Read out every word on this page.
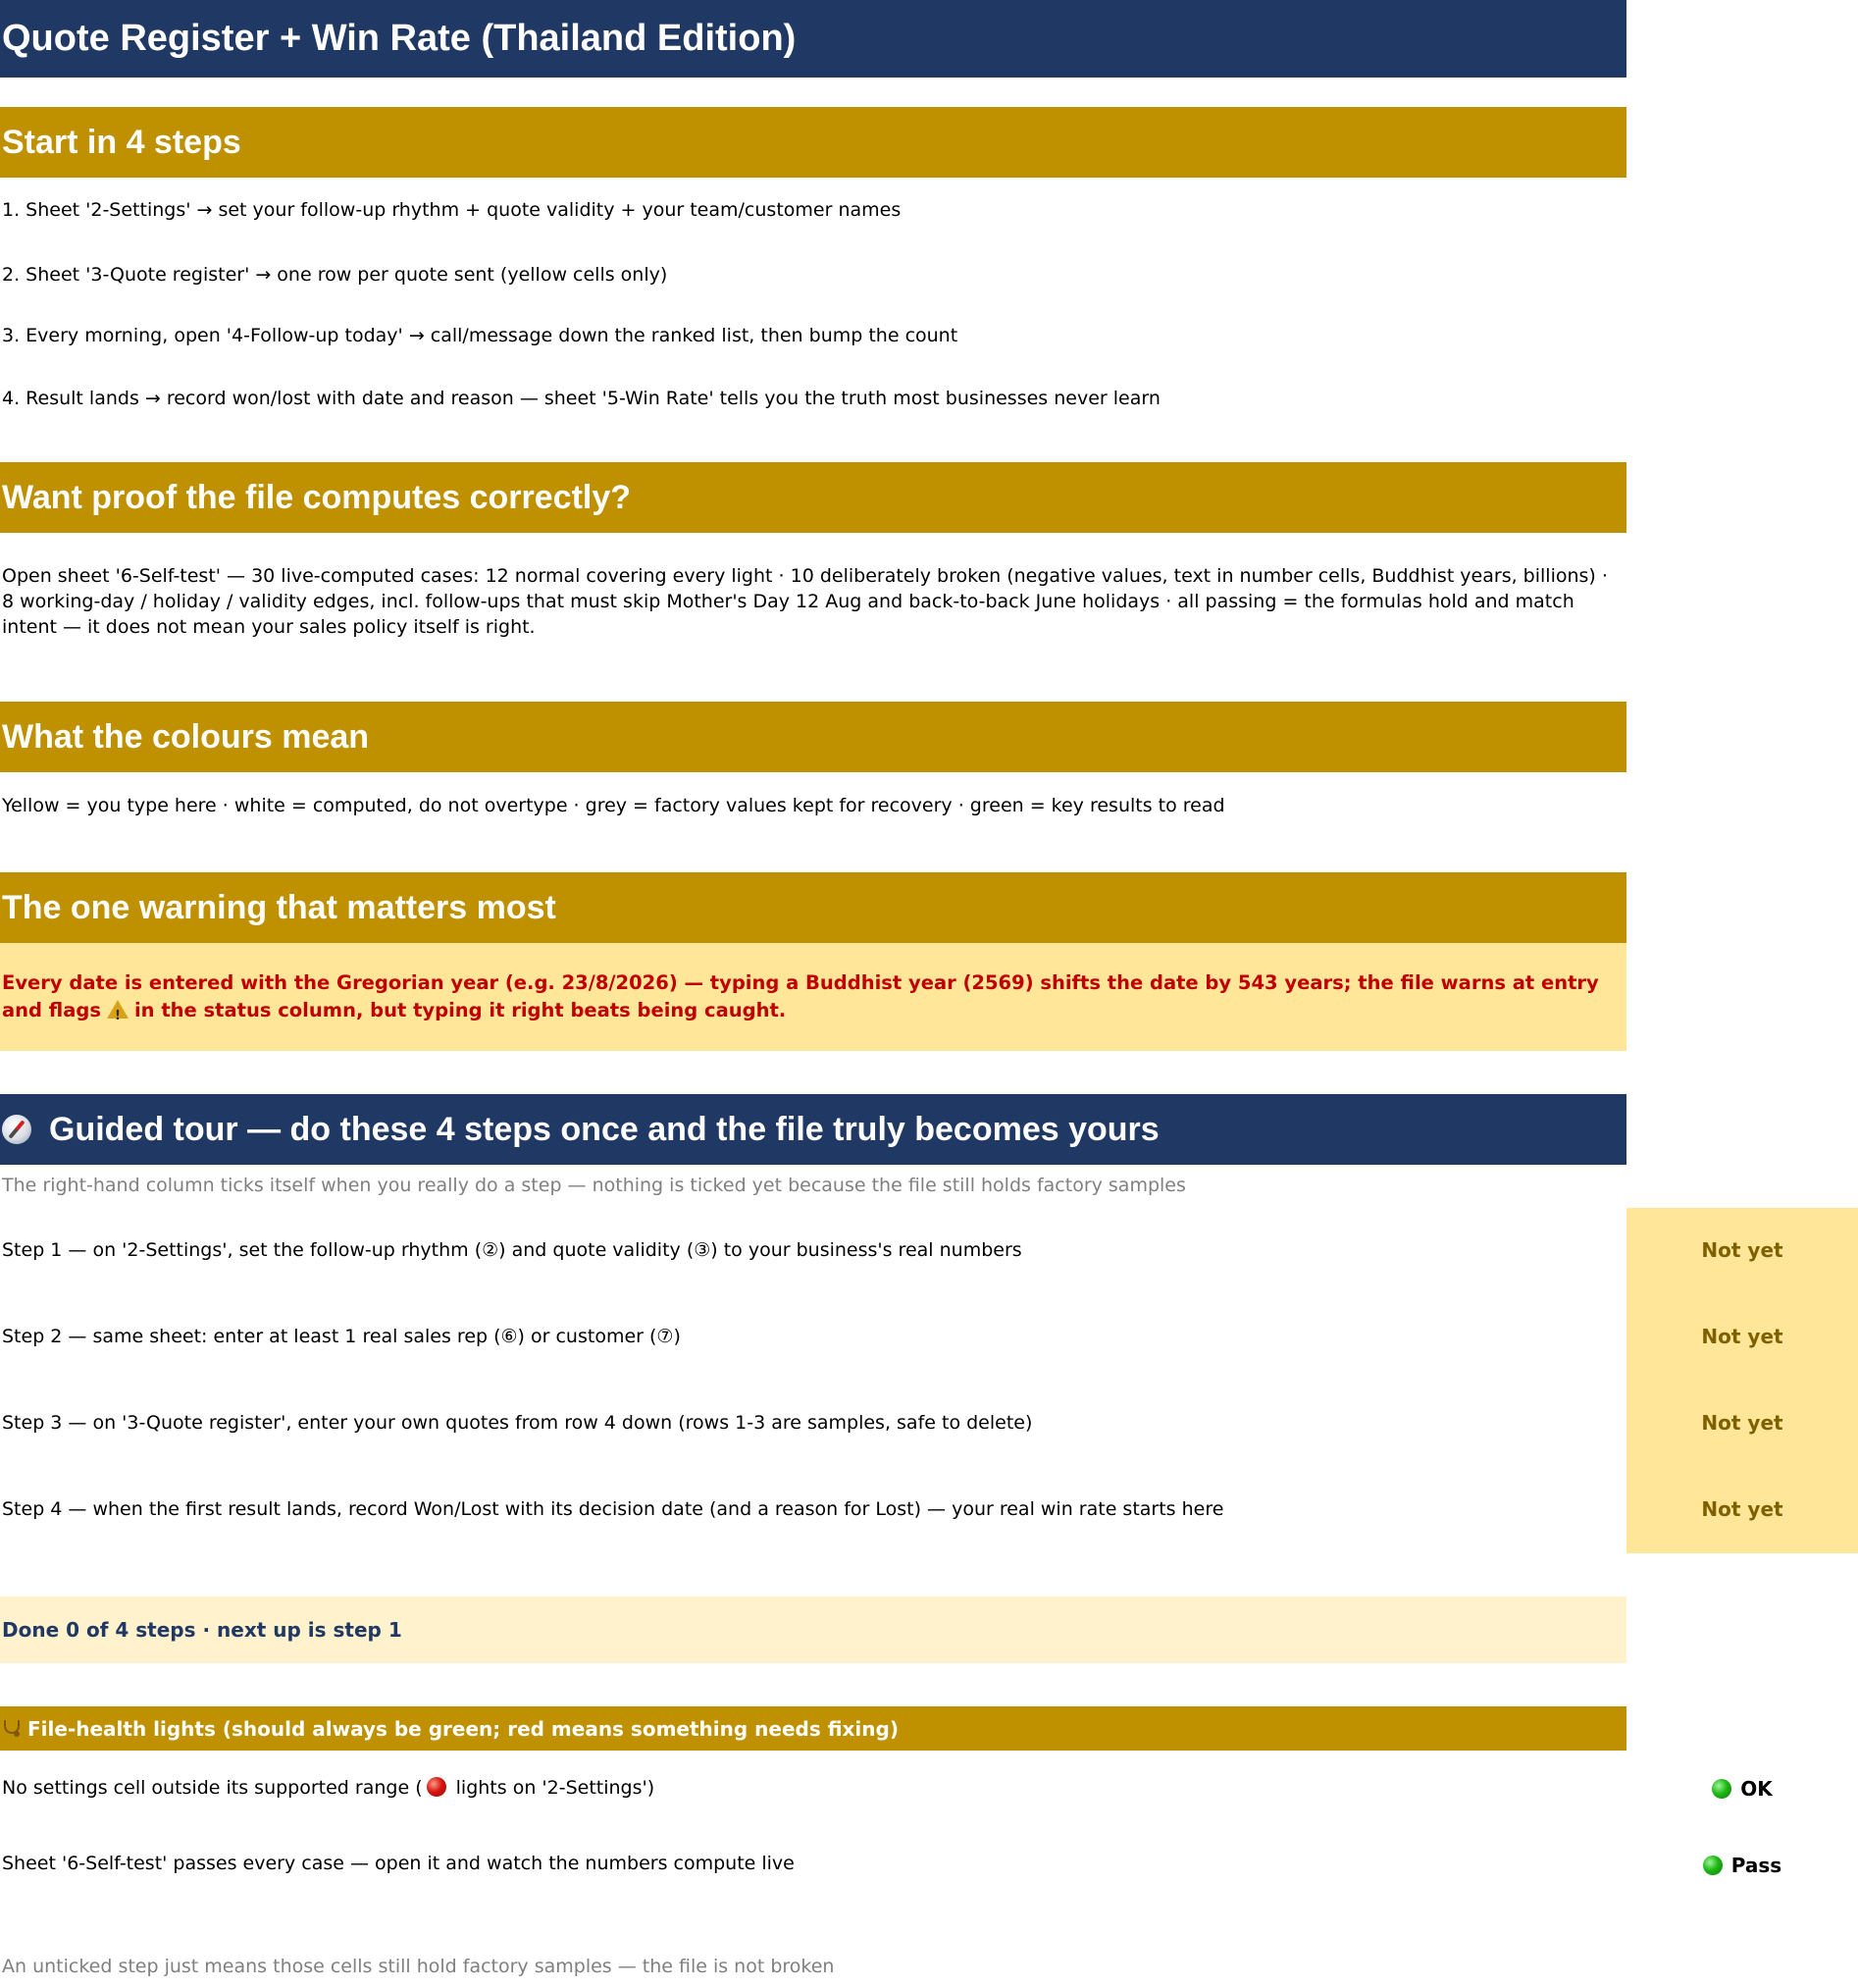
Quote Register + Win Rate (Thailand Edition)
Start in 4 steps
1. Sheet '2-Settings' → set your follow-up rhythm + quote validity + your team/customer names
2. Sheet '3-Quote register' → one row per quote sent (yellow cells only)
3. Every morning, open '4-Follow-up today' → call/message down the ranked list, then bump the count
4. Result lands → record won/lost with date and reason — sheet '5-Win Rate' tells you the truth most businesses never learn
Want proof the file computes correctly?
Open sheet '6-Self-test' — 30 live-computed cases: 12 normal covering every light · 10 deliberately broken (negative values, text in number cells, Buddhist years, billions) · 8 working-day / holiday / validity edges, incl. follow-ups that must skip Mother's Day 12 Aug and back-to-back June holidays · all passing = the formulas hold and match intent — it does not mean your sales policy itself is right.
What the colours mean
Yellow = you type here · white = computed, do not overtype · grey = factory values kept for recovery · green = key results to read
The one warning that matters most
Every date is entered with the Gregorian year (e.g. 23/8/2026) — typing a Buddhist year (2569) shifts the date by 543 years; the file warns at entry and flags! in the status column, but typing it right beats being caught.
Guided tour — do these 4 steps once and the file truly becomes yours
The right-hand column ticks itself when you really do a step — nothing is ticked yet because the file still holds factory samples
Step 1 — on '2-Settings', set the follow-up rhythm (②) and quote validity (③) to your business's real numbers	Not yet
Step 2 — same sheet: enter at least 1 real sales rep (⑥) or customer (⑦)	Not yet
Step 3 — on '3-Quote register', enter your own quotes from row 4 down (rows 1-3 are samples, safe to delete)	Not yet
Step 4 — when the first result lands, record Won/Lost with its decision date (and a reason for Lost) — your real win rate starts here	Not yet
Done 0 of 4 steps · next up is step 1
File-health lights (should always be green; red means something needs fixing)
No settings cell outside its supported range ( lights on '2-Settings')	OK
Sheet '6-Self-test' passes every case — open it and watch the numbers compute live	Pass
An unticked step just means those cells still hold factory samples — the file is not broken
